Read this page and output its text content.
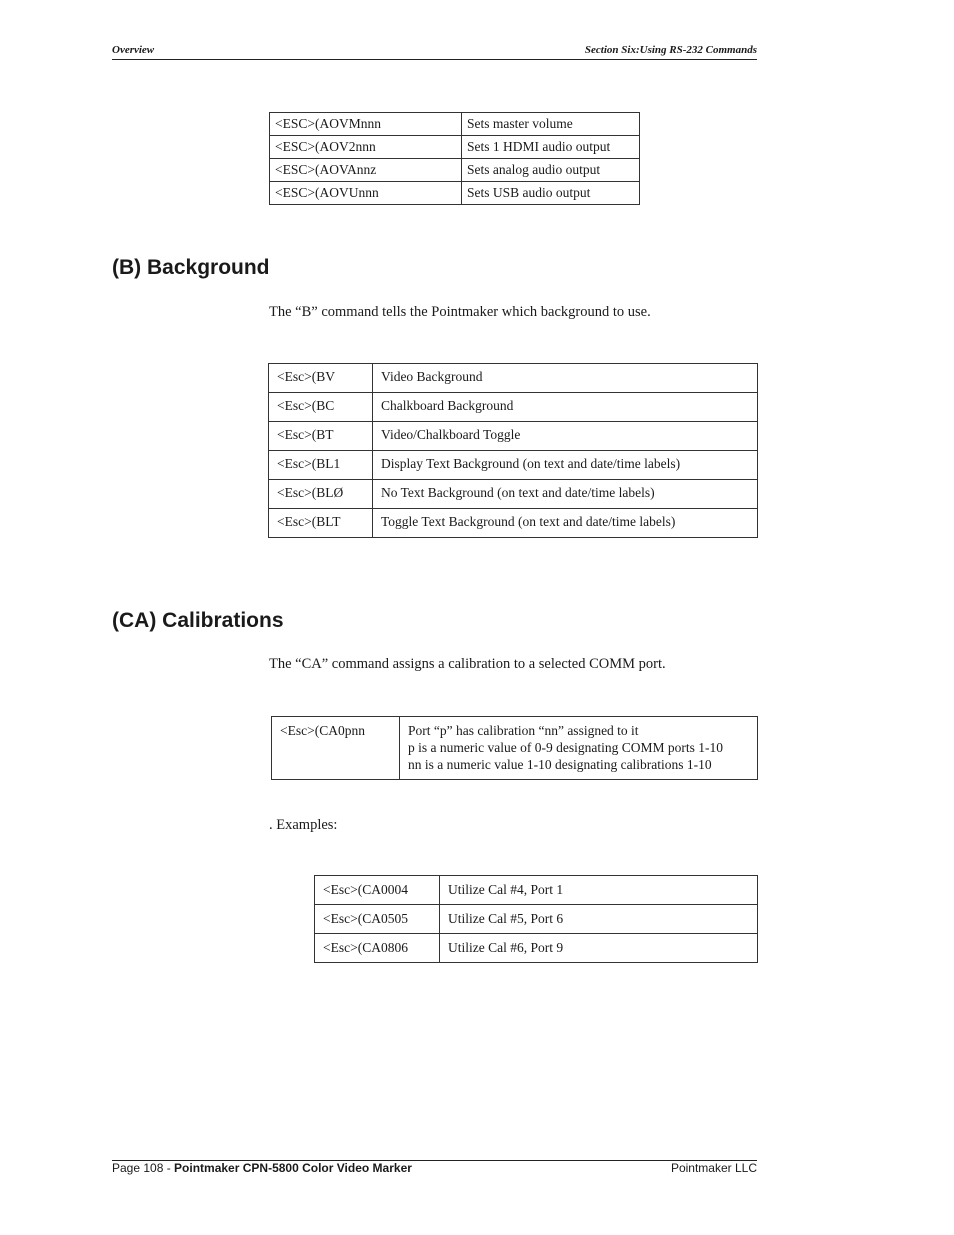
Overview	Section Six:Using RS-232 Commands
<ESC>(AOVMnnn	Sets master volume
<ESC>(AOV2nnn	Sets 1 HDMI audio output
<ESC>(AOVAnnz	Sets analog audio output
<ESC>(AOVUnnn	Sets USB audio output
(B) Background

The “B” command tells the Pointmaker which background to use.

<Esc>(BV	Video Background
<Esc>(BC	Chalkboard Background
<Esc>(BT	Video/Chalkboard Toggle
<Esc>(BL1	Display Text Background (on text and date/time labels)
<Esc>(BLØ	No Text Background (on text and date/time labels)
<Esc>(BLT	Toggle Text Background (on text and date/time labels)
(CA) Calibrations

The “CA” command assigns a calibration to a selected COMM port.

<Esc>(CA0pnn	Port “p” has calibration “nn” assigned to it
p is a numeric value of 0-9 designating COMM ports 1-10
nn is a numeric value 1-10 designating calibrations 1-10

. Examples:

<Esc>(CA0004	Utilize Cal #4, Port 1
<Esc>(CA0505	Utilize Cal #5, Port 6
<Esc>(CA0806	Utilize Cal #6, Port 9
Page 108 - Pointmaker CPN-5800 Color Video Marker	Pointmaker LLC
